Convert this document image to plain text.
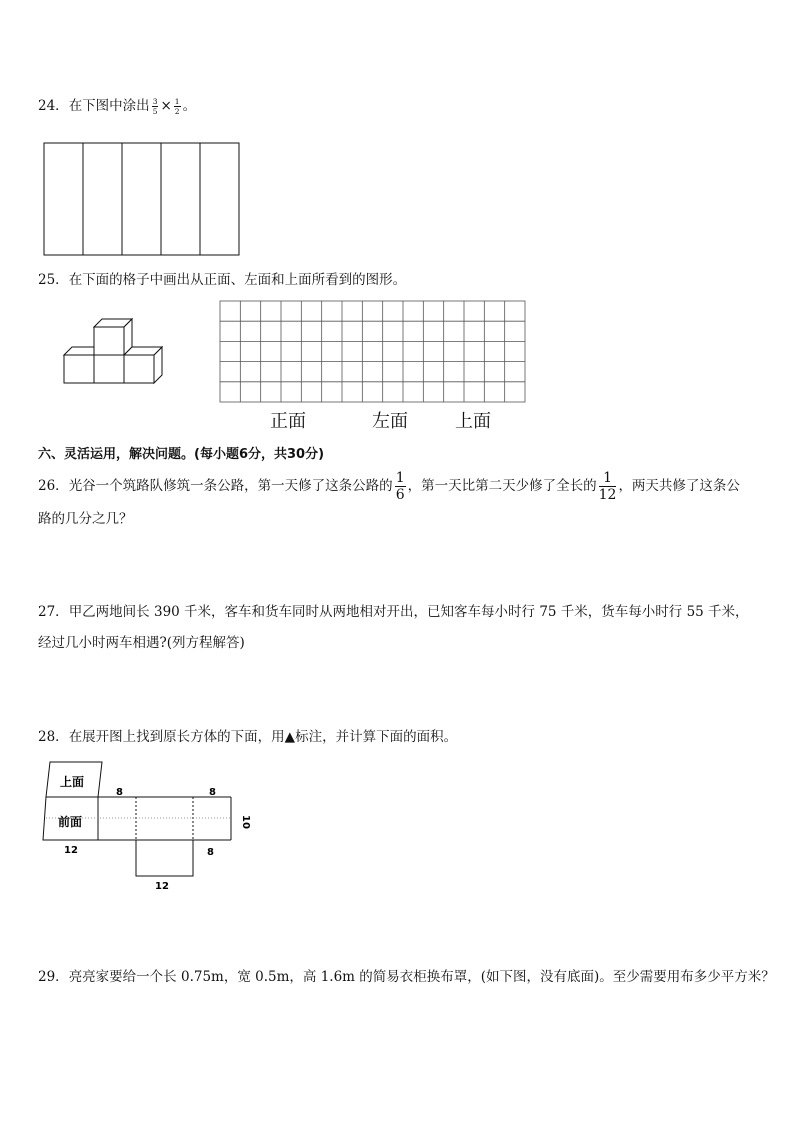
24．在下图中涂出 $\frac{3}{5} \times \frac{1}{2}$ 。
25．在下面的格子中画出从正面、左面和上面所看到的图形。
正面	左面	上面
六、灵活运用，解决问题。(每小题6分，共30分)
26．光谷一个筑路队修筑一条公路，第一天修了这条公路的 $\frac{1}{6}$ ，第一天比第二天少修了全长的 $\frac{1}{12}$ ，两天共修了这条公
路的几分之几？
27．甲乙两地间长 390 千米，客车和货车同时从两地相对开出，已知客车每小时行 75 千米，货车每小时行 55 千米，
经过几小时两车相遇?(列方程解答)
28．在展开图上找到原长方体的下面，用▲标注，并计算下面的面积。
上面
前面
8	8
8
10
12
12
29．亮亮家要给一个长 0.75m，宽 0.5m，高 1.6m 的简易衣柜换布罩，(如下图，没有底面)。至少需要用布多少平方米？
